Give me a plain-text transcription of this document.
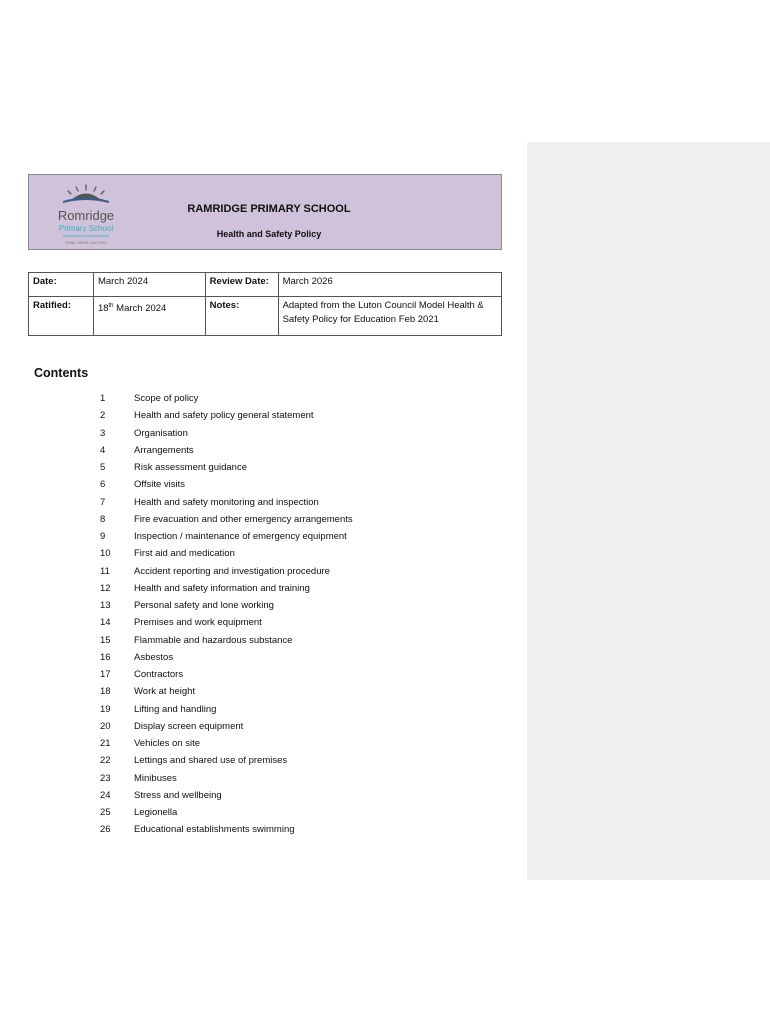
Romridge
Primary School
SHINE • GROW • SUCCEED
RAMRIDGE PRIMARY SCHOOL
Health and Safety Policy
Date:	March 2024	Review Date:	March 2026
Ratified:	18th March 2024	Notes:	Adapted from the Luton Council Model Health & Safety Policy for Education Feb 2021
Contents
1	Scope of policy
2	Health and safety policy general statement
3	Organisation
4	Arrangements
5	Risk assessment guidance
6	Offsite visits
7	Health and safety monitoring and inspection
8	Fire evacuation and other emergency arrangements
9	Inspection / maintenance of emergency equipment
10 First aid and medication
11	Accident reporting and investigation procedure
12 Health and safety information and training
13 Personal safety and lone working
14 Premises and work equipment
15 Flammable and hazardous substance
16 Asbestos
17 Contractors
18 Work at height
19 Lifting and handling
20 Display screen equipment
21 Vehicles on site
22 Lettings and shared use of premises
23 Minibuses
24 Stress and wellbeing
25 Legionella
26 Educational establishments swimming
